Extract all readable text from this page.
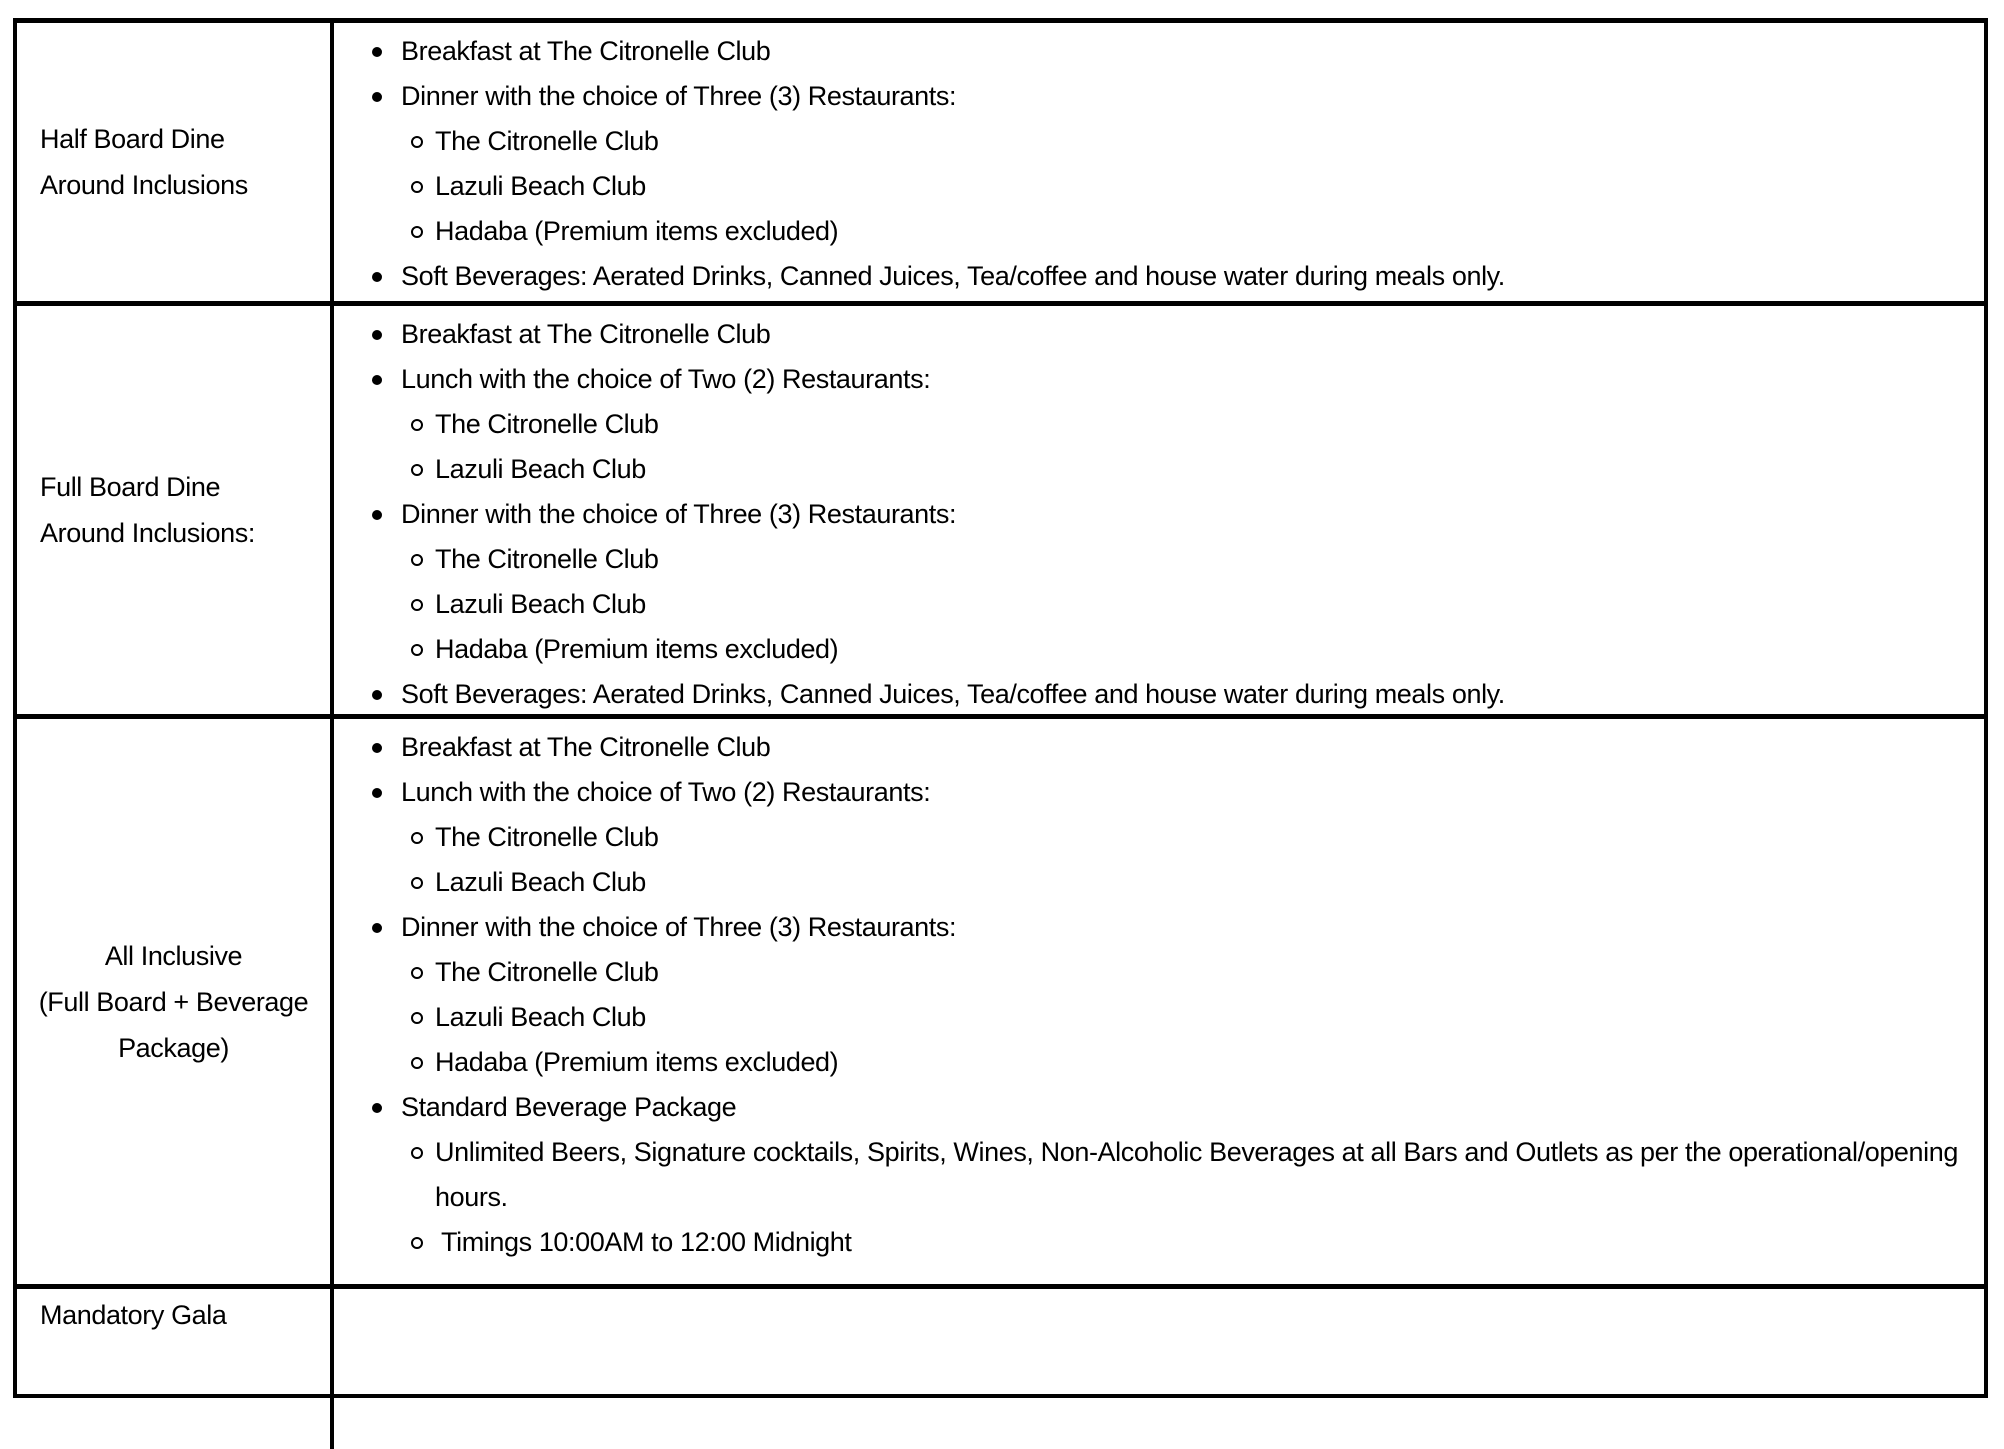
Half Board Dine
Around Inclusions
Breakfast at The Citronelle Club
Dinner with the choice of Three (3) Restaurants:
The Citronelle Club
Lazuli Beach Club
Hadaba (Premium items excluded)
Soft Beverages: Aerated Drinks, Canned Juices, Tea/coffee and house water during meals only.
Full Board Dine
Around Inclusions:
Breakfast at The Citronelle Club
Lunch with the choice of Two (2) Restaurants:
The Citronelle Club
Lazuli Beach Club
Dinner with the choice of Three (3) Restaurants:
The Citronelle Club
Lazuli Beach Club
Hadaba (Premium items excluded)
Soft Beverages: Aerated Drinks, Canned Juices, Tea/coffee and house water during meals only.
All Inclusive
(Full Board + Beverage
Package)
Breakfast at The Citronelle Club
Lunch with the choice of Two (2) Restaurants:
The Citronelle Club
Lazuli Beach Club
Dinner with the choice of Three (3) Restaurants:
The Citronelle Club
Lazuli Beach Club
Hadaba (Premium items excluded)
Standard Beverage Package
Unlimited Beers, Signature cocktails, Spirits, Wines, Non-Alcoholic Beverages at all Bars and Outlets as per the operational/opening hours.
Timings 10:00AM to 12:00 Midnight
Mandatory Gala
